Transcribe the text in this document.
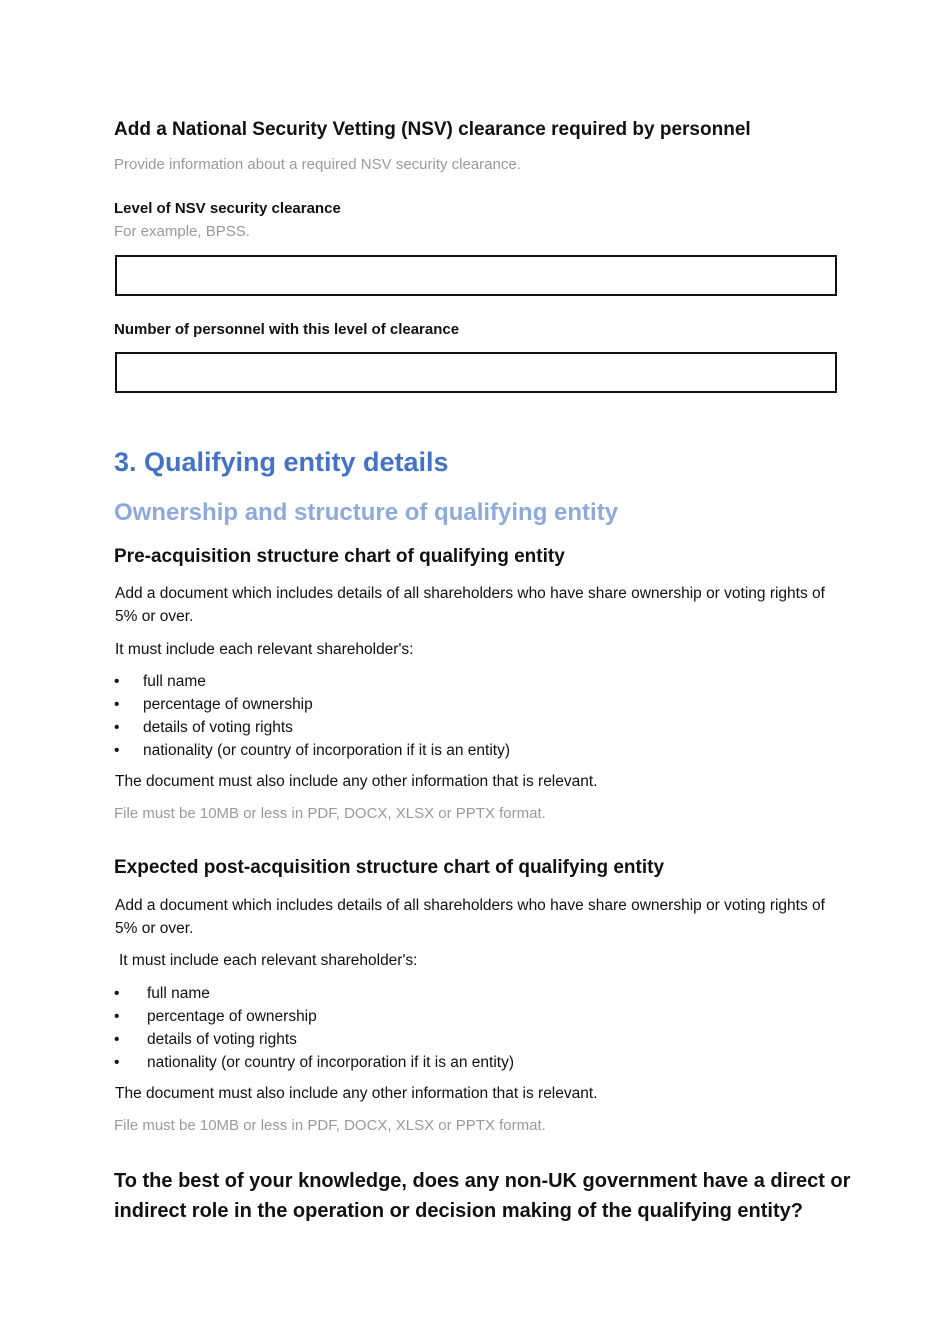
Add a National Security Vetting (NSV) clearance required by personnel
Provide information about a required NSV security clearance.
Level of NSV security clearance
For example, BPSS.
Number of personnel with this level of clearance
3. Qualifying entity details
Ownership and structure of qualifying entity
Pre-acquisition structure chart of qualifying entity

Add a document which includes details of all shareholders who have share ownership or voting rights of 5% or over.

It must include each relevant shareholder's:

• full name
• percentage of ownership
• details of voting rights
• nationality (or country of incorporation if it is an entity)

The document must also include any other information that is relevant.

File must be 10MB or less in PDF, DOCX, XLSX or PPTX format.
Expected post-acquisition structure chart of qualifying entity

Add a document which includes details of all shareholders who have share ownership or voting rights of 5% or over.

It must include each relevant shareholder's:

• full name
• percentage of ownership
• details of voting rights
• nationality (or country of incorporation if it is an entity)

The document must also include any other information that is relevant.

File must be 10MB or less in PDF, DOCX, XLSX or PPTX format.
To the best of your knowledge, does any non-UK government have a direct or indirect role in the operation or decision making of the qualifying entity?
